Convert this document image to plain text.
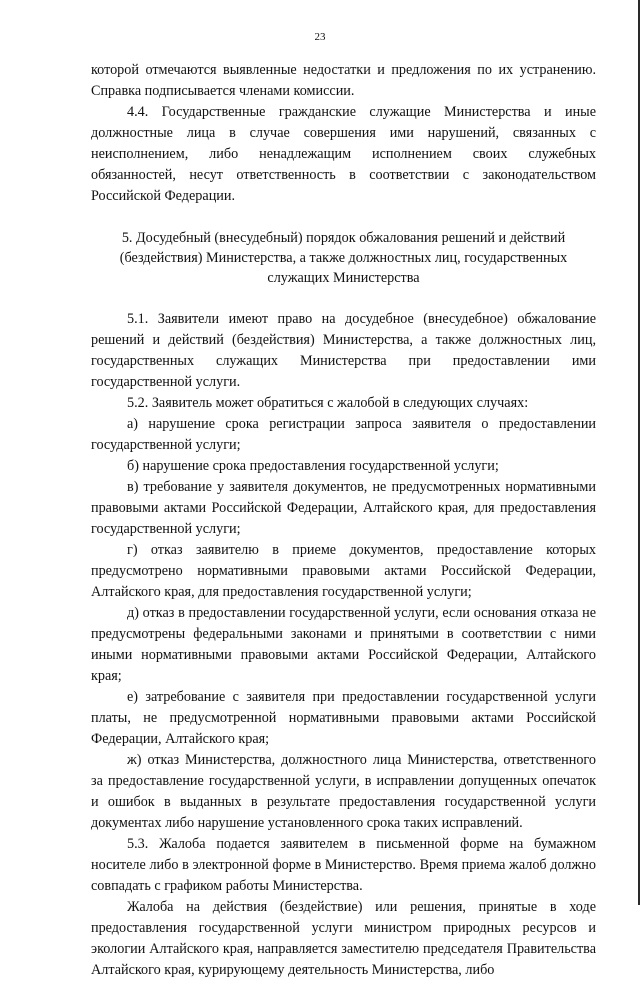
23

которой отмечаются выявленные недостатки и предложения по их устранению. Справка подписывается членами комиссии.

4.4. Государственные гражданские служащие Министерства и иные должностные лица в случае совершения ими нарушений, связанных с неисполнением, либо ненадлежащим исполнением своих служебных обязанностей, несут ответственность в соответствии с законодательством Российской Федерации.

5. Досудебный (внесудебный) порядок обжалования решений и действий (бездействия) Министерства, а также должностных лиц, государственных служащих Министерства

5.1. Заявители имеют право на досудебное (внесудебное) обжалование решений и действий (бездействия) Министерства, а также должностных лиц, государственных служащих Министерства при предоставлении ими государственной услуги.

5.2. Заявитель может обратиться с жалобой в следующих случаях:

а) нарушение срока регистрации запроса заявителя о предоставлении государственной услуги;

б) нарушение срока предоставления государственной услуги;

в) требование у заявителя документов, не предусмотренных нормативными правовыми актами Российской Федерации, Алтайского края, для предоставления государственной услуги;

г) отказ заявителю в приеме документов, предоставление которых предусмотрено нормативными правовыми актами Российской Федерации, Алтайского края, для предоставления государственной услуги;

д) отказ в предоставлении государственной услуги, если основания отказа не предусмотрены федеральными законами и принятыми в соответствии с ними иными нормативными правовыми актами Российской Федерации, Алтайского края;

е) затребование с заявителя при предоставлении государственной услуги платы, не предусмотренной нормативными правовыми актами Российской Федерации, Алтайского края;

ж) отказ Министерства, должностного лица Министерства, ответственного за предоставление государственной услуги, в исправлении допущенных опечаток и ошибок в выданных в результате предоставления государственной услуги документах либо нарушение установленного срока таких исправлений.

5.3. Жалоба подается заявителем в письменной форме на бумажном носителе либо в электронной форме в Министерство. Время приема жалоб должно совпадать с графиком работы Министерства.

Жалоба на действия (бездействие) или решения, принятые в ходе предоставления государственной услуги министром природных ресурсов и экологии Алтайского края, направляется заместителю председателя Правительства Алтайского края, курирующему деятельность Министерства, либо
